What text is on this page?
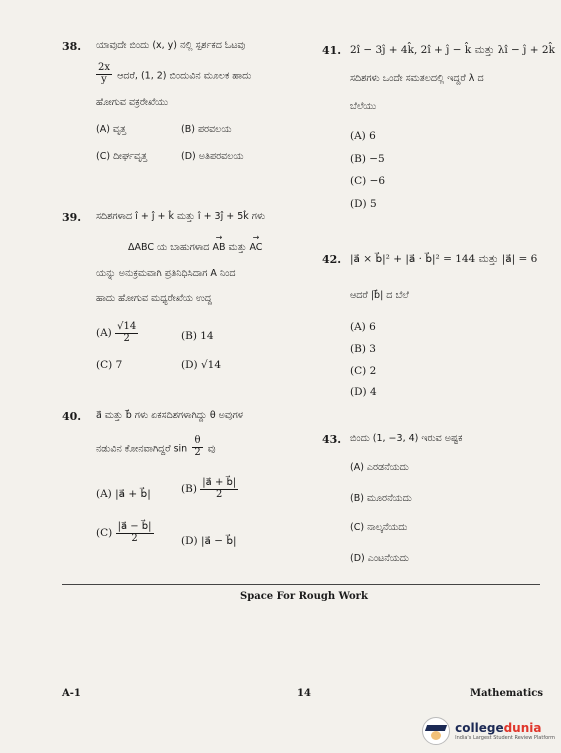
38. ಯಾವುದೇ ಬಿಂದು (x, y) ನಲ್ಲಿ ಸ್ಪರ್ಶಕದ ಓಟವು
$\frac{2x}{y}$ ಆದರೆ, (1, 2) ಬಿಂದುವಿನ ಮೂಲಕ ಹಾದು
ಹೋಗುವ ವಕ್ರರೇಖೆಯು
(A) ವೃತ್ತ	(B) ಪರವಲಯ
(C) ದೀರ್ಘವೃತ್ತ	(D) ಅತಿಪರವಲಯ
39. ಸದಿಶಗಳಾದ î + ĵ + k̂ ಮತ್ತು î + 3ĵ + 5k̂ ಗಳು
ΔABC ಯ ಬಾಹುಗಳಾದ → AB ಮತ್ತು → AC
ಯನ್ನು ಅನುಕ್ರಮವಾಗಿ ಪ್ರತಿನಿಧಿಸಿದಾಗ A ನಿಂದ
ಹಾದು ಹೋಗುವ ಮಧ್ಯರೇಖೆಯ ಉದ್ದ
$(A) \frac{√14}{2}$	(B) 14
(C) 7	(D) √14
40. a⃗ ಮತ್ತು b⃗ ಗಳು ಏಕಸದಿಶಗಳಾಗಿದ್ದು θ ಅವುಗಳ
ನಡುವಿನ ಕೋನವಾಗಿದ್ದರೆ $\sin \frac{\theta}{2}$ ವು
(A) |a⃗ + b⃗|	$(B) \frac{|a⃗ + b⃗|}{2}$
$(C) \frac{|a⃗ - b⃗|}{2}$	(D) |a⃗ − b⃗|
41. 2î − 3ĵ + 4k̂, 2î + ĵ − k̂ ಮತ್ತು λî − ĵ + 2k̂
ಸದಿಶಗಳು ಒಂದೇ ಸಮತಲದಲ್ಲಿ ಇದ್ದರೆ λ ದ
ಬೆಲೆಯು
(A) 6
(B) −5
(C) −6
(D) 5
42. |a⃗ × b⃗|² + |a⃗ · b⃗|² = 144 ಮತ್ತು |a⃗| = 6
ಆದರೆ |b⃗| ದ ಬೆಲೆ
(A) 6
(B) 3
(C) 2
(D) 4
43. ಬಿಂದು (1, −3, 4) ಇರುವ ಅಷ್ಟಕ
(A) ಎರಡನೆಯದು
(B) ಮೂರನೆಯದು
(C) ನಾಲ್ಕನೆಯದು
(D) ಎಂಟನೆಯದು
Space For Rough Work
A-1	14	Mathematics
collegedunia
India's Largest Student Review Platform
